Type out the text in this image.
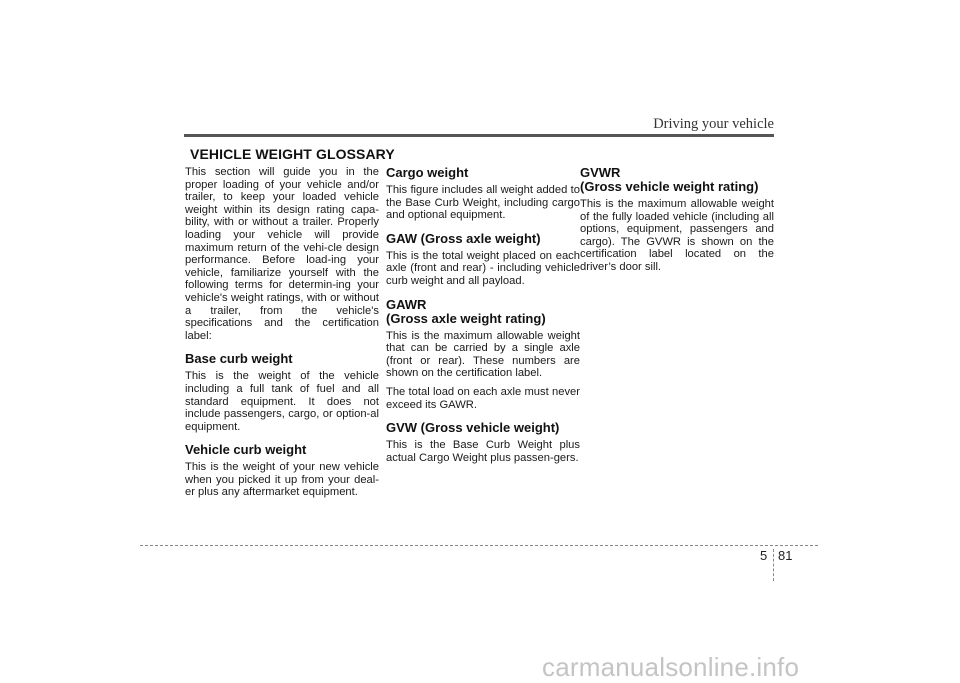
Driving your vehicle
VEHICLE WEIGHT GLOSSARY

This section will guide you in the proper loading of your vehicle and/or trailer, to keep your loaded vehicle weight within its design rating capa-bility, with or without a trailer. Properly loading your vehicle will provide maximum return of the vehi-cle design performance. Before load-ing your vehicle, familiarize yourself with the following terms for determin-ing your vehicle's weight ratings, with or without a trailer, from the vehicle's specifications and the certification label:

Base curb weight

This is the weight of the vehicle including a full tank of fuel and all standard equipment. It does not include passengers, cargo, or option-al equipment.

Vehicle curb weight

This is the weight of your new vehicle when you picked it up from your deal-er plus any aftermarket equipment.

Cargo weight

This figure includes all weight added to the Base Curb Weight, including cargo and optional equipment.

GAW (Gross axle weight)

This is the total weight placed on each axle (front and rear) - including vehicle curb weight and all payload.

GAWR
(Gross axle weight rating)

This is the maximum allowable weight that can be carried by a single axle (front or rear). These numbers are shown on the certification label.

The total load on each axle must never exceed its GAWR.

GVW (Gross vehicle weight)

This is the Base Curb Weight plus actual Cargo Weight plus passen-gers.

GVWR
(Gross vehicle weight rating)

This is the maximum allowable weight of the fully loaded vehicle (including all options, equipment, passengers and cargo). The GVWR is shown on the certification label located on the driver’s door sill.

5 81
carmanualsonline.info
